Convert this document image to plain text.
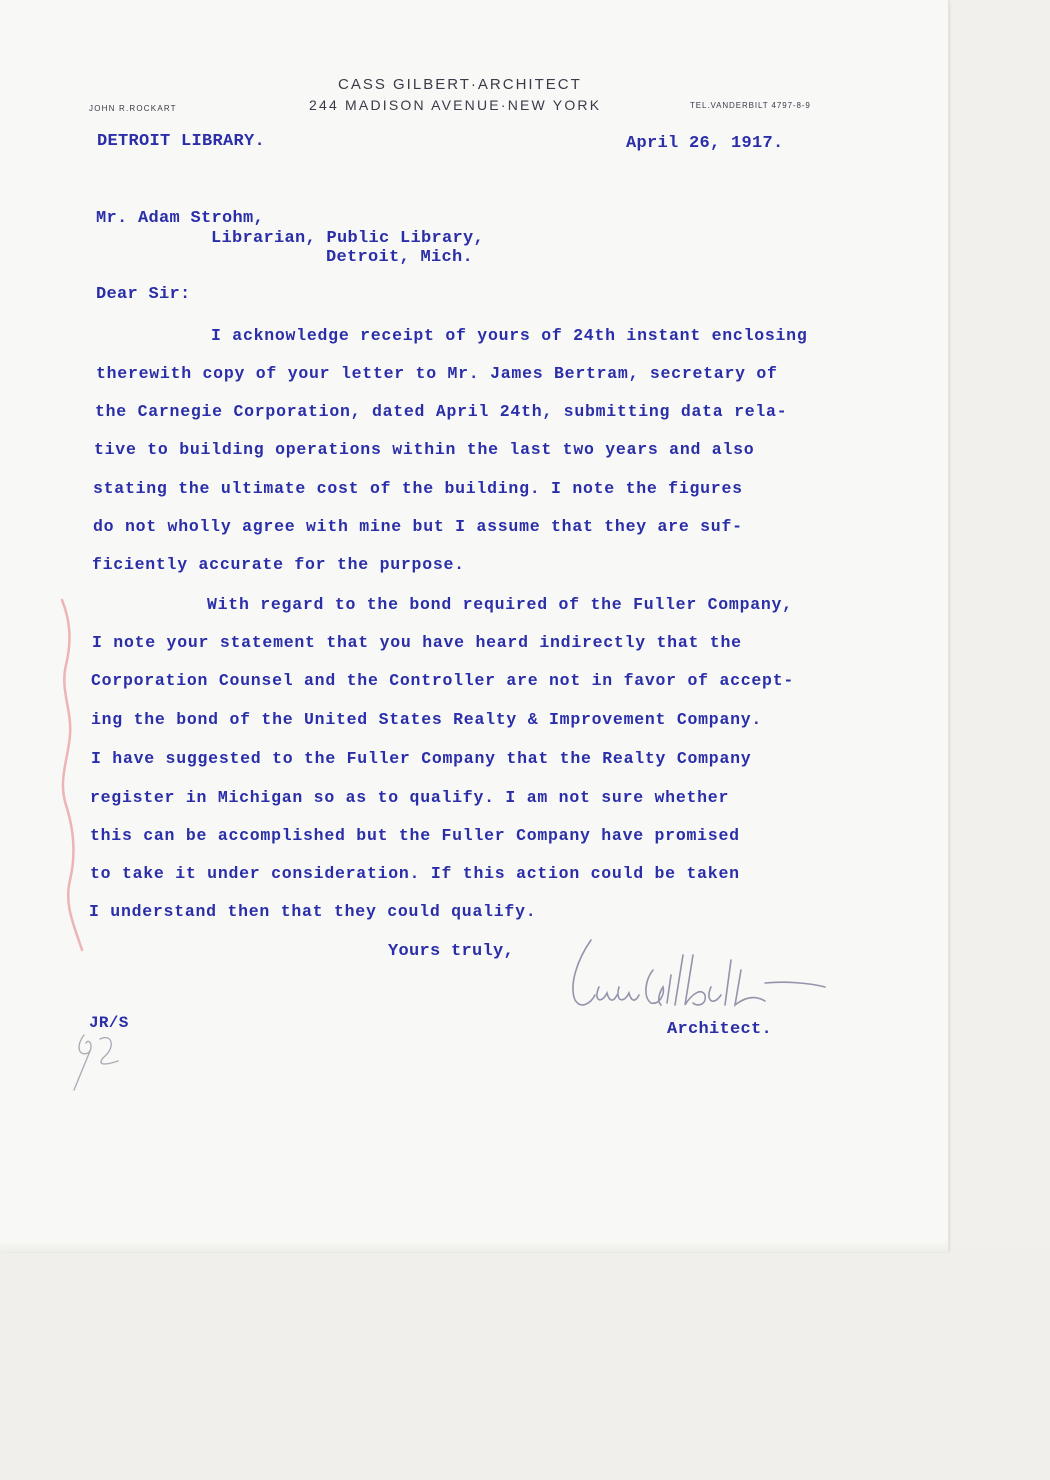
CASS GILBERT·ARCHITECT
244 MADISON AVENUE·NEW YORK
JOHN R.ROCKART	TEL.VANDERBILT 4797-8-9
DETROIT LIBRARY.	April 26, 1917.
Mr. Adam Strohm,
Librarian, Public Library,
Detroit, Mich.
Dear Sir:
I acknowledge receipt of yours of 24th instant enclosing
therewith copy of your letter to Mr. James Bertram, secretary of
the Carnegie Corporation, dated April 24th, submitting data rela-
tive to building operations within the last two years and also
stating the ultimate cost of the building. I note the figures
do not wholly agree with mine but I assume that they are suf-
ficiently accurate for the purpose.
With regard to the bond required of the Fuller Company,
I note your statement that you have heard indirectly that the
Corporation Counsel and the Controller are not in favor of accept-
ing the bond of the United States Realty & Improvement Company.
I have suggested to the Fuller Company that the Realty Company
register in Michigan so as to qualify. I am not sure whether
this can be accomplished but the Fuller Company have promised
to take it under consideration. If this action could be taken
I understand then that they could qualify.
Yours truly,
Architect.
JR/S
